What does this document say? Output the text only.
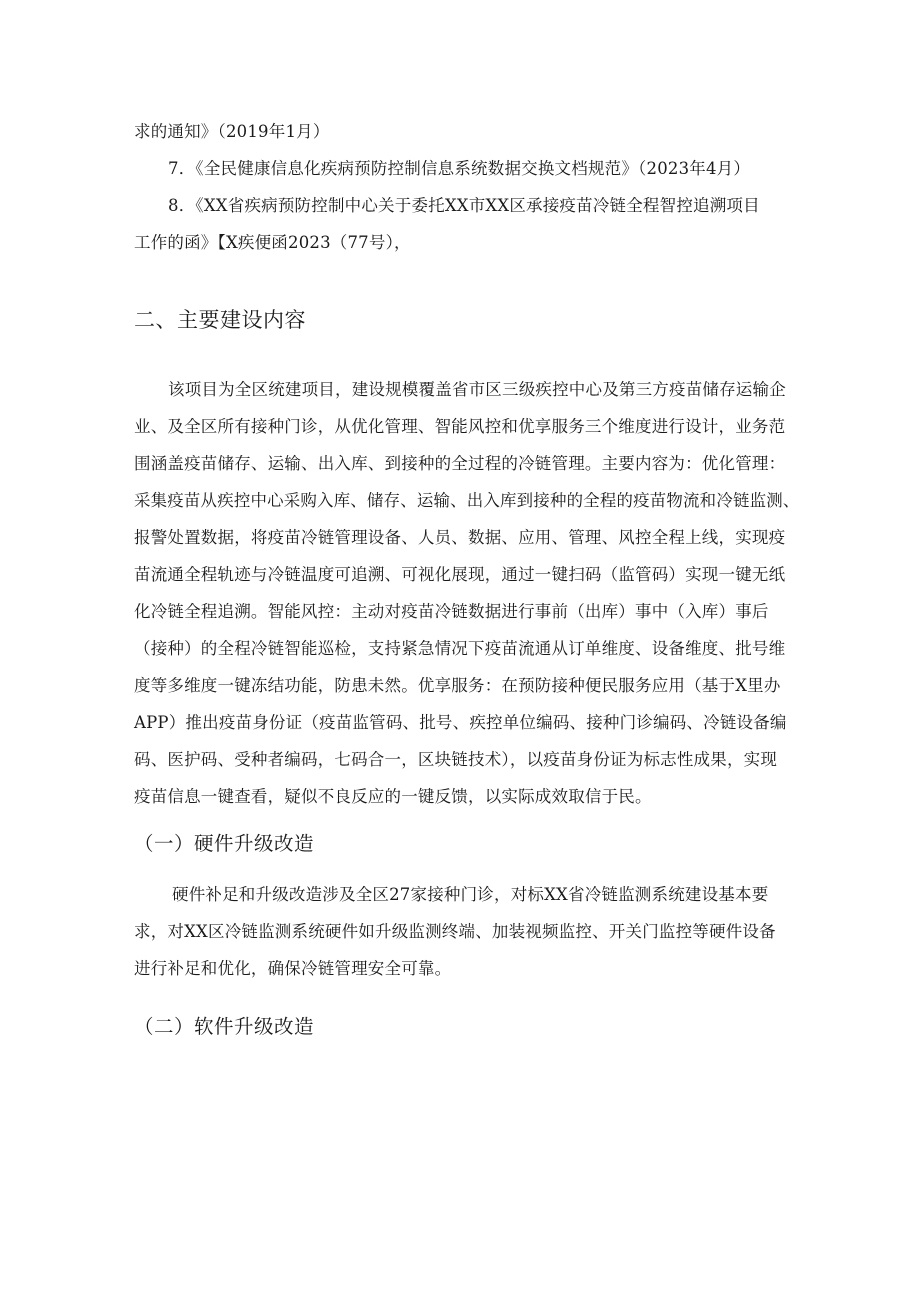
求的通知》（2019年1月）
7．《全民健康信息化疾病预防控制信息系统数据交换文档规范》（2023年4月）
8．《XX省疾病预防控制中心关于委托XX市XX区承接疫苗冷链全程智控追溯项目
工作的函》【X疾便函2023（77号），
二、主要建设内容
该项目为全区统建项目，建设规模覆盖省市区三级疾控中心及第三方疫苗储存运输企
业、及全区所有接种门诊，从优化管理、智能风控和优享服务三个维度进行设计，业务范
围涵盖疫苗储存、运输、出入库、到接种的全过程的冷链管理。主要内容为：优化管理：
采集疫苗从疾控中心采购入库、储存、运输、出入库到接种的全程的疫苗物流和冷链监测、
报警处置数据，将疫苗冷链管理设备、人员、数据、应用、管理、风控全程上线，实现疫
苗流通全程轨迹与冷链温度可追溯、可视化展现，通过一键扫码（监管码）实现一键无纸
化冷链全程追溯。智能风控：主动对疫苗冷链数据进行事前（出库）事中（入库）事后
（接种）的全程冷链智能巡检，支持紧急情况下疫苗流通从订单维度、设备维度、批号维
度等多维度一键冻结功能，防患未然。优享服务：在预防接种便民服务应用（基于X里办
APP）推出疫苗身份证（疫苗监管码、批号、疾控单位编码、接种门诊编码、冷链设备编
码、医护码、受种者编码，七码合一，区块链技术），以疫苗身份证为标志性成果，实现
疫苗信息一键查看，疑似不良反应的一键反馈，以实际成效取信于民。
（一）硬件升级改造
硬件补足和升级改造涉及全区27家接种门诊，对标XX省冷链监测系统建设基本要
求，对XX区冷链监测系统硬件如升级监测终端、加装视频监控、开关门监控等硬件设备
进行补足和优化，确保冷链管理安全可靠。
（二）软件升级改造
